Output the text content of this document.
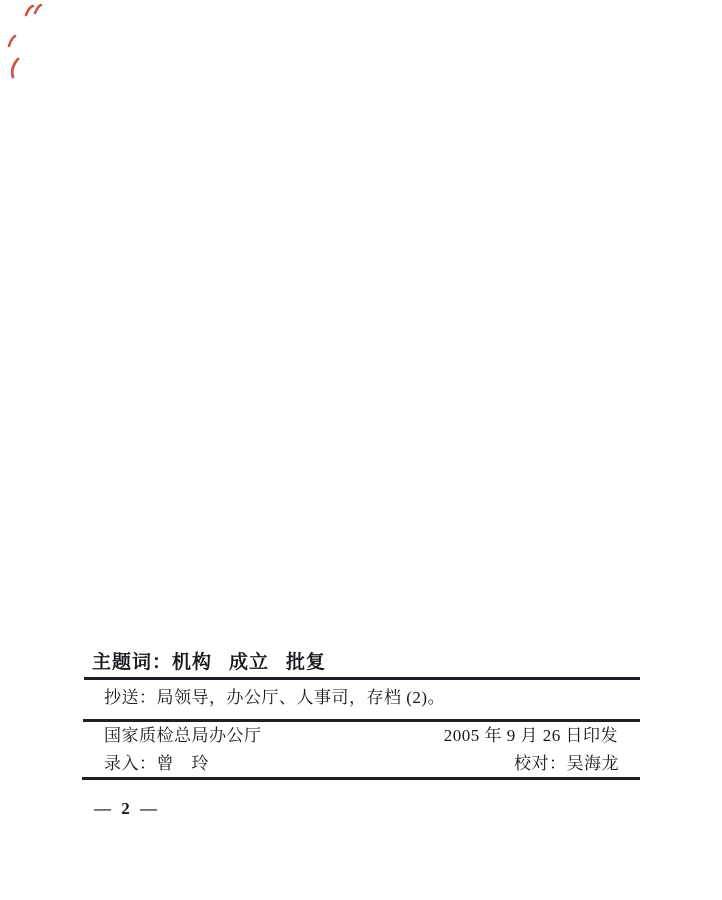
主题词：机构 成立 批复
抄送：局领导，办公厅、人事司，存档 (2)。
国家质检总局办公厅	2005 年 9 月 26 日印发
录入：曾　玲	校对：吴海龙
— 2 —
